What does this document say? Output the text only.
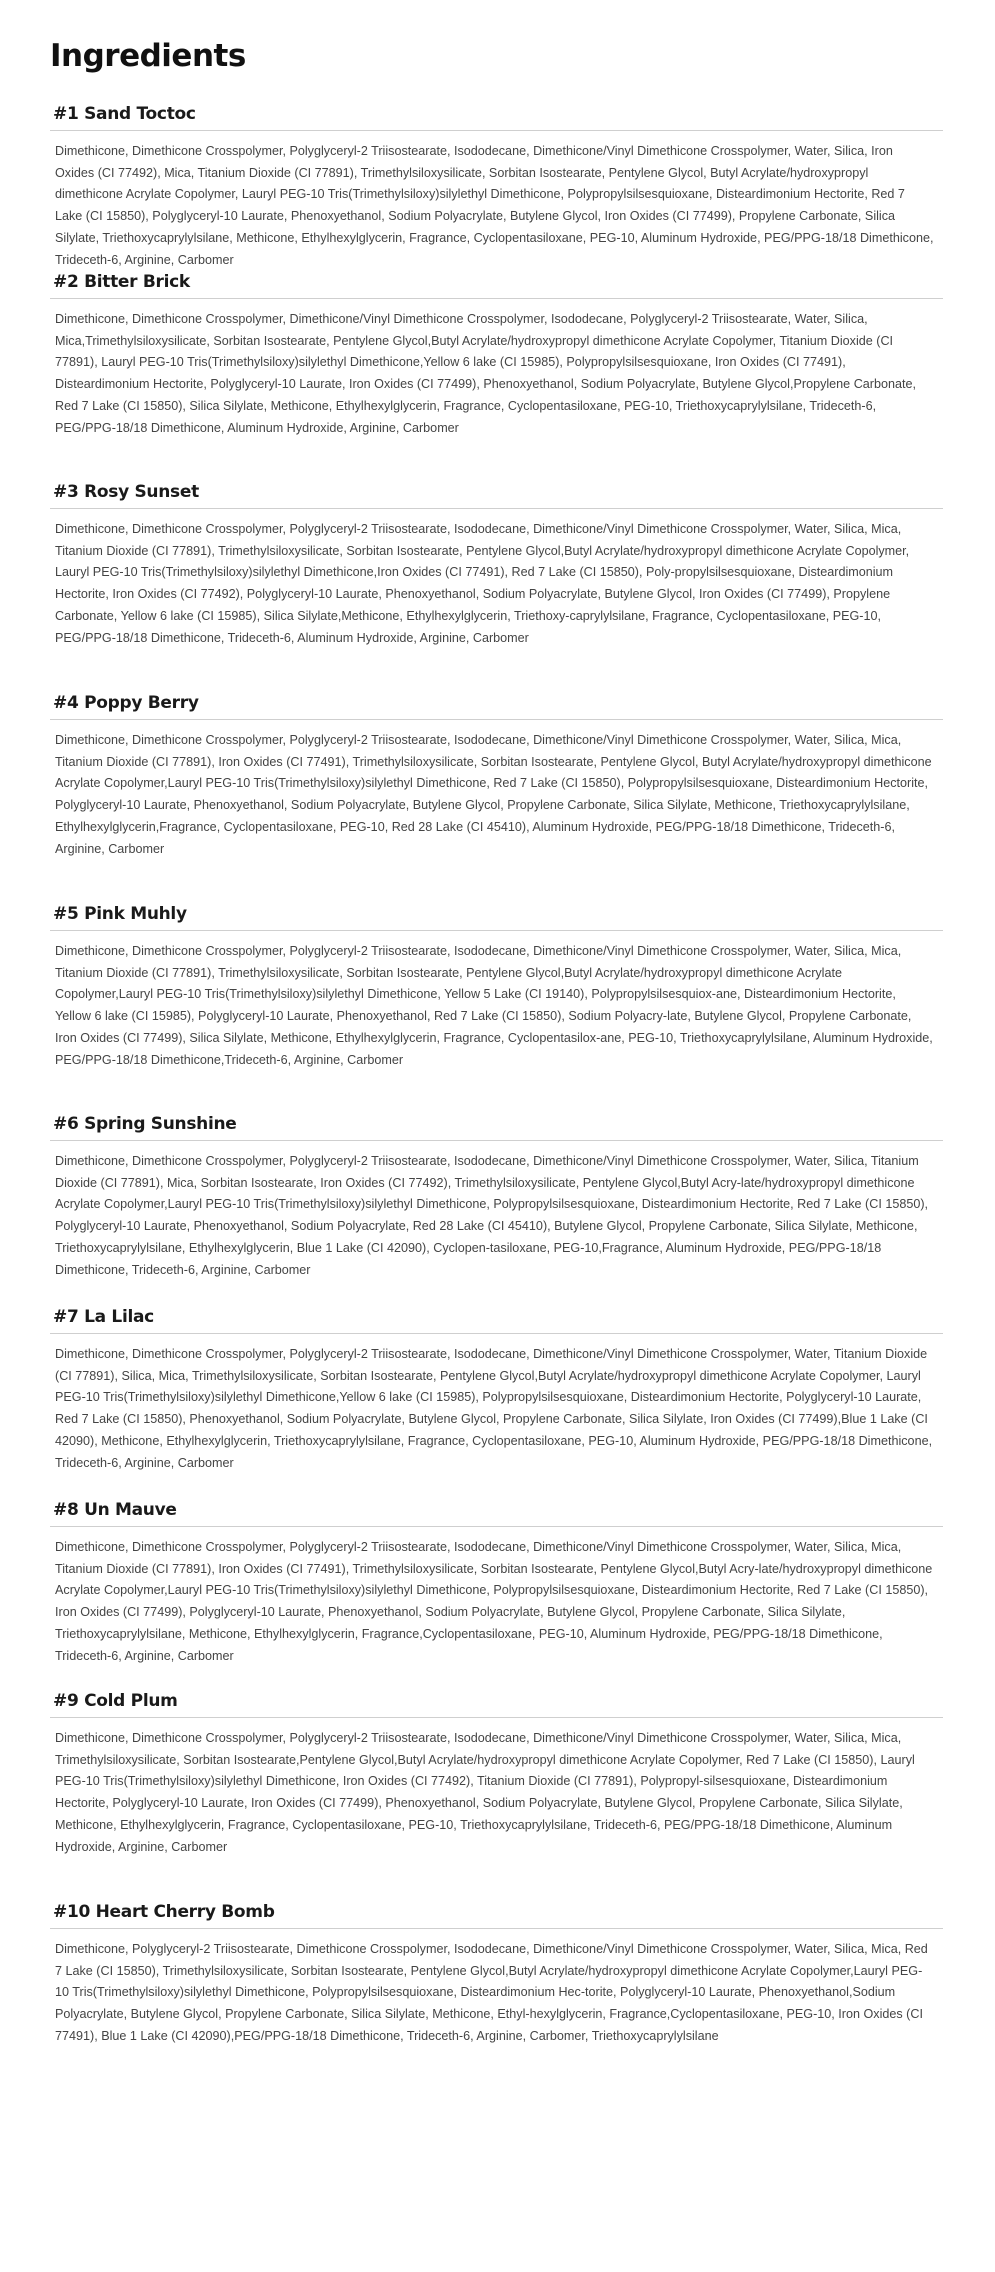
Ingredients
#1 Sand Toctoc

Dimethicone, Dimethicone Crosspolymer, Polyglyceryl-2 Triisostearate, Isododecane, Dimethicone/Vinyl Dimethicone Crosspolymer, Water, Silica, Iron Oxides (CI 77492), Mica, Titanium Dioxide (CI 77891), Trimethylsiloxysilicate, Sorbitan Isostearate, Pentylene Glycol, Butyl Acrylate/hydroxypropyl dimethicone Acrylate Copolymer, Lauryl PEG-10 Tris(Trimethylsiloxy)silylethyl Dimethicone, Polypropylsilsesquioxane, Disteardimonium Hectorite, Red 7 Lake (CI 15850), Polyglyceryl-10 Laurate, Phenoxyethanol, Sodium Polyacrylate, Butylene Glycol, Iron Oxides (CI 77499), Propylene Carbonate, Silica Silylate, Triethoxycaprylylsilane, Methicone, Ethylhexylglycerin, Fragrance, Cyclopentasiloxane, PEG-10, Aluminum Hydroxide, PEG/PPG-18/18 Dimethicone, Trideceth-6, Arginine, Carbomer

#2 Bitter Brick

Dimethicone, Dimethicone Crosspolymer, Dimethicone/Vinyl Dimethicone Crosspolymer, Isododecane, Polyglyceryl-2 Triisostearate, Water, Silica, Mica,Trimethylsiloxysilicate, Sorbitan Isostearate, Pentylene Glycol,Butyl Acrylate/hydroxypropyl dimethicone Acrylate Copolymer, Titanium Dioxide (CI 77891), Lauryl PEG-10 Tris(Trimethylsiloxy)silylethyl Dimethicone,Yellow 6 lake (CI 15985), Polypropylsilsesquioxane, Iron Oxides (CI 77491), Disteardimonium Hectorite, Polyglyceryl-10 Laurate, Iron Oxides (CI 77499), Phenoxyethanol, Sodium Polyacrylate, Butylene Glycol,Propylene Carbonate, Red 7 Lake (CI 15850), Silica Silylate, Methicone, Ethylhexylglycerin, Fragrance, Cyclopentasiloxane, PEG-10, Triethoxycaprylylsilane, Trideceth-6, PEG/PPG-18/18 Dimethicone, Aluminum Hydroxide, Arginine, Carbomer

#3 Rosy Sunset

Dimethicone, Dimethicone Crosspolymer, Polyglyceryl-2 Triisostearate, Isododecane, Dimethicone/Vinyl Dimethicone Crosspolymer, Water, Silica, Mica, Titanium Dioxide (CI 77891), Trimethylsiloxysilicate, Sorbitan Isostearate, Pentylene Glycol,Butyl Acrylate/hydroxypropyl dimethicone Acrylate Copolymer, Lauryl PEG-10 Tris(Trimethylsiloxy)silylethyl Dimethicone,Iron Oxides (CI 77491), Red 7 Lake (CI 15850), Poly-propylsilsesquioxane, Disteardimonium Hectorite, Iron Oxides (CI 77492), Polyglyceryl-10 Laurate, Phenoxyethanol, Sodium Polyacrylate, Butylene Glycol, Iron Oxides (CI 77499), Propylene Carbonate, Yellow 6 lake (CI 15985), Silica Silylate,Methicone, Ethylhexylglycerin, Triethoxy-caprylylsilane, Fragrance, Cyclopentasiloxane, PEG-10, PEG/PPG-18/18 Dimethicone, Trideceth-6, Aluminum Hydroxide, Arginine, Carbomer

#4 Poppy Berry

Dimethicone, Dimethicone Crosspolymer, Polyglyceryl-2 Triisostearate, Isododecane, Dimethicone/Vinyl Dimethicone Crosspolymer, Water, Silica, Mica, Titanium Dioxide (CI 77891), Iron Oxides (CI 77491), Trimethylsiloxysilicate, Sorbitan Isostearate, Pentylene Glycol, Butyl Acrylate/hydroxypropyl dimethicone Acrylate Copolymer,Lauryl PEG-10 Tris(Trimethylsiloxy)silylethyl Dimethicone, Red 7 Lake (CI 15850), Polypropylsilsesquioxane, Disteardimonium Hectorite, Polyglyceryl-10 Laurate, Phenoxyethanol, Sodium Polyacrylate, Butylene Glycol, Propylene Carbonate, Silica Silylate, Methicone, Triethoxycaprylylsilane, Ethylhexylglycerin,Fragrance, Cyclopentasiloxane, PEG-10, Red 28 Lake (CI 45410), Aluminum Hydroxide, PEG/PPG-18/18 Dimethicone, Trideceth-6, Arginine, Carbomer

#5 Pink Muhly

Dimethicone, Dimethicone Crosspolymer, Polyglyceryl-2 Triisostearate, Isododecane, Dimethicone/Vinyl Dimethicone Crosspolymer, Water, Silica, Mica, Titanium Dioxide (CI 77891), Trimethylsiloxysilicate, Sorbitan Isostearate, Pentylene Glycol,Butyl Acrylate/hydroxypropyl dimethicone Acrylate Copolymer,Lauryl PEG-10 Tris(Trimethylsiloxy)silylethyl Dimethicone, Yellow 5 Lake (CI 19140), Polypropylsilsesquiox-ane, Disteardimonium Hectorite, Yellow 6 lake (CI 15985), Polyglyceryl-10 Laurate, Phenoxyethanol, Red 7 Lake (CI 15850), Sodium Polyacry-late, Butylene Glycol, Propylene Carbonate, Iron Oxides (CI 77499), Silica Silylate, Methicone, Ethylhexylglycerin, Fragrance, Cyclopentasilox-ane, PEG-10, Triethoxycaprylylsilane, Aluminum Hydroxide, PEG/PPG-18/18 Dimethicone,Trideceth-6, Arginine, Carbomer

#6 Spring Sunshine

Dimethicone, Dimethicone Crosspolymer, Polyglyceryl-2 Triisostearate, Isododecane, Dimethicone/Vinyl Dimethicone Crosspolymer, Water, Silica, Titanium Dioxide (CI 77891), Mica, Sorbitan Isostearate, Iron Oxides (CI 77492), Trimethylsiloxysilicate, Pentylene Glycol,Butyl Acry-late/hydroxypropyl dimethicone Acrylate Copolymer,Lauryl PEG-10 Tris(Trimethylsiloxy)silylethyl Dimethicone, Polypropylsilsesquioxane, Disteardimonium Hectorite, Red 7 Lake (CI 15850), Polyglyceryl-10 Laurate, Phenoxyethanol, Sodium Polyacrylate, Red 28 Lake (CI 45410), Butylene Glycol, Propylene Carbonate, Silica Silylate, Methicone, Triethoxycaprylylsilane, Ethylhexylglycerin, Blue 1 Lake (CI 42090), Cyclopen-tasiloxane, PEG-10,Fragrance, Aluminum Hydroxide, PEG/PPG-18/18 Dimethicone, Trideceth-6, Arginine, Carbomer

#7 La Lilac

Dimethicone, Dimethicone Crosspolymer, Polyglyceryl-2 Triisostearate, Isododecane, Dimethicone/Vinyl Dimethicone Crosspolymer, Water, Titanium Dioxide (CI 77891), Silica, Mica, Trimethylsiloxysilicate, Sorbitan Isostearate, Pentylene Glycol,Butyl Acrylate/hydroxypropyl dimethicone Acrylate Copolymer, Lauryl PEG-10 Tris(Trimethylsiloxy)silylethyl Dimethicone,Yellow 6 lake (CI 15985), Polypropylsilsesquioxane, Disteardimonium Hectorite, Polyglyceryl-10 Laurate, Red 7 Lake (CI 15850), Phenoxyethanol, Sodium Polyacrylate, Butylene Glycol, Propylene Carbonate, Silica Silylate, Iron Oxides (CI 77499),Blue 1 Lake (CI 42090), Methicone, Ethylhexylglycerin, Triethoxycaprylylsilane, Fragrance, Cyclopentasiloxane, PEG-10, Aluminum Hydroxide, PEG/PPG-18/18 Dimethicone, Trideceth-6, Arginine, Carbomer

#8 Un Mauve

Dimethicone, Dimethicone Crosspolymer, Polyglyceryl-2 Triisostearate, Isododecane, Dimethicone/Vinyl Dimethicone Crosspolymer, Water, Silica, Mica, Titanium Dioxide (CI 77891), Iron Oxides (CI 77491), Trimethylsiloxysilicate, Sorbitan Isostearate, Pentylene Glycol,Butyl Acry-late/hydroxypropyl dimethicone Acrylate Copolymer,Lauryl PEG-10 Tris(Trimethylsiloxy)silylethyl Dimethicone, Polypropylsilsesquioxane, Disteardimonium Hectorite, Red 7 Lake (CI 15850), Iron Oxides (CI 77499), Polyglyceryl-10 Laurate, Phenoxyethanol, Sodium Polyacrylate, Butylene Glycol, Propylene Carbonate, Silica Silylate, Triethoxycaprylylsilane, Methicone, Ethylhexylglycerin, Fragrance,Cyclopentasiloxane, PEG-10, Aluminum Hydroxide, PEG/PPG-18/18 Dimethicone, Trideceth-6, Arginine, Carbomer

#9 Cold Plum

Dimethicone, Dimethicone Crosspolymer, Polyglyceryl-2 Triisostearate, Isododecane, Dimethicone/Vinyl Dimethicone Crosspolymer, Water, Silica, Mica, Trimethylsiloxysilicate, Sorbitan Isostearate,Pentylene Glycol,Butyl Acrylate/hydroxypropyl dimethicone Acrylate Copolymer, Red 7 Lake (CI 15850), Lauryl PEG-10 Tris(Trimethylsiloxy)silylethyl Dimethicone, Iron Oxides (CI 77492), Titanium Dioxide (CI 77891), Polypropyl-silsesquioxane, Disteardimonium Hectorite, Polyglyceryl-10 Laurate, Iron Oxides (CI 77499), Phenoxyethanol, Sodium Polyacrylate, Butylene Glycol, Propylene Carbonate, Silica Silylate, Methicone, Ethylhexylglycerin, Fragrance, Cyclopentasiloxane, PEG-10, Triethoxycaprylylsilane, Trideceth-6, PEG/PPG-18/18 Dimethicone, Aluminum Hydroxide, Arginine, Carbomer

#10 Heart Cherry Bomb

Dimethicone, Polyglyceryl-2 Triisostearate, Dimethicone Crosspolymer, Isododecane, Dimethicone/Vinyl Dimethicone Crosspolymer, Water, Silica, Mica, Red 7 Lake (CI 15850), Trimethylsiloxysilicate, Sorbitan Isostearate, Pentylene Glycol,Butyl Acrylate/hydroxypropyl dimethicone Acrylate Copolymer,Lauryl PEG-10 Tris(Trimethylsiloxy)silylethyl Dimethicone, Polypropylsilsesquioxane, Disteardimonium Hec-torite, Polyglyceryl-10 Laurate, Phenoxyethanol,Sodium Polyacrylate, Butylene Glycol, Propylene Carbonate, Silica Silylate, Methicone, Ethyl-hexylglycerin, Fragrance,Cyclopentasiloxane, PEG-10, Iron Oxides (CI 77491), Blue 1 Lake (CI 42090),PEG/PPG-18/18 Dimethicone, Trideceth-6, Arginine, Carbomer, Triethoxycaprylylsilane
